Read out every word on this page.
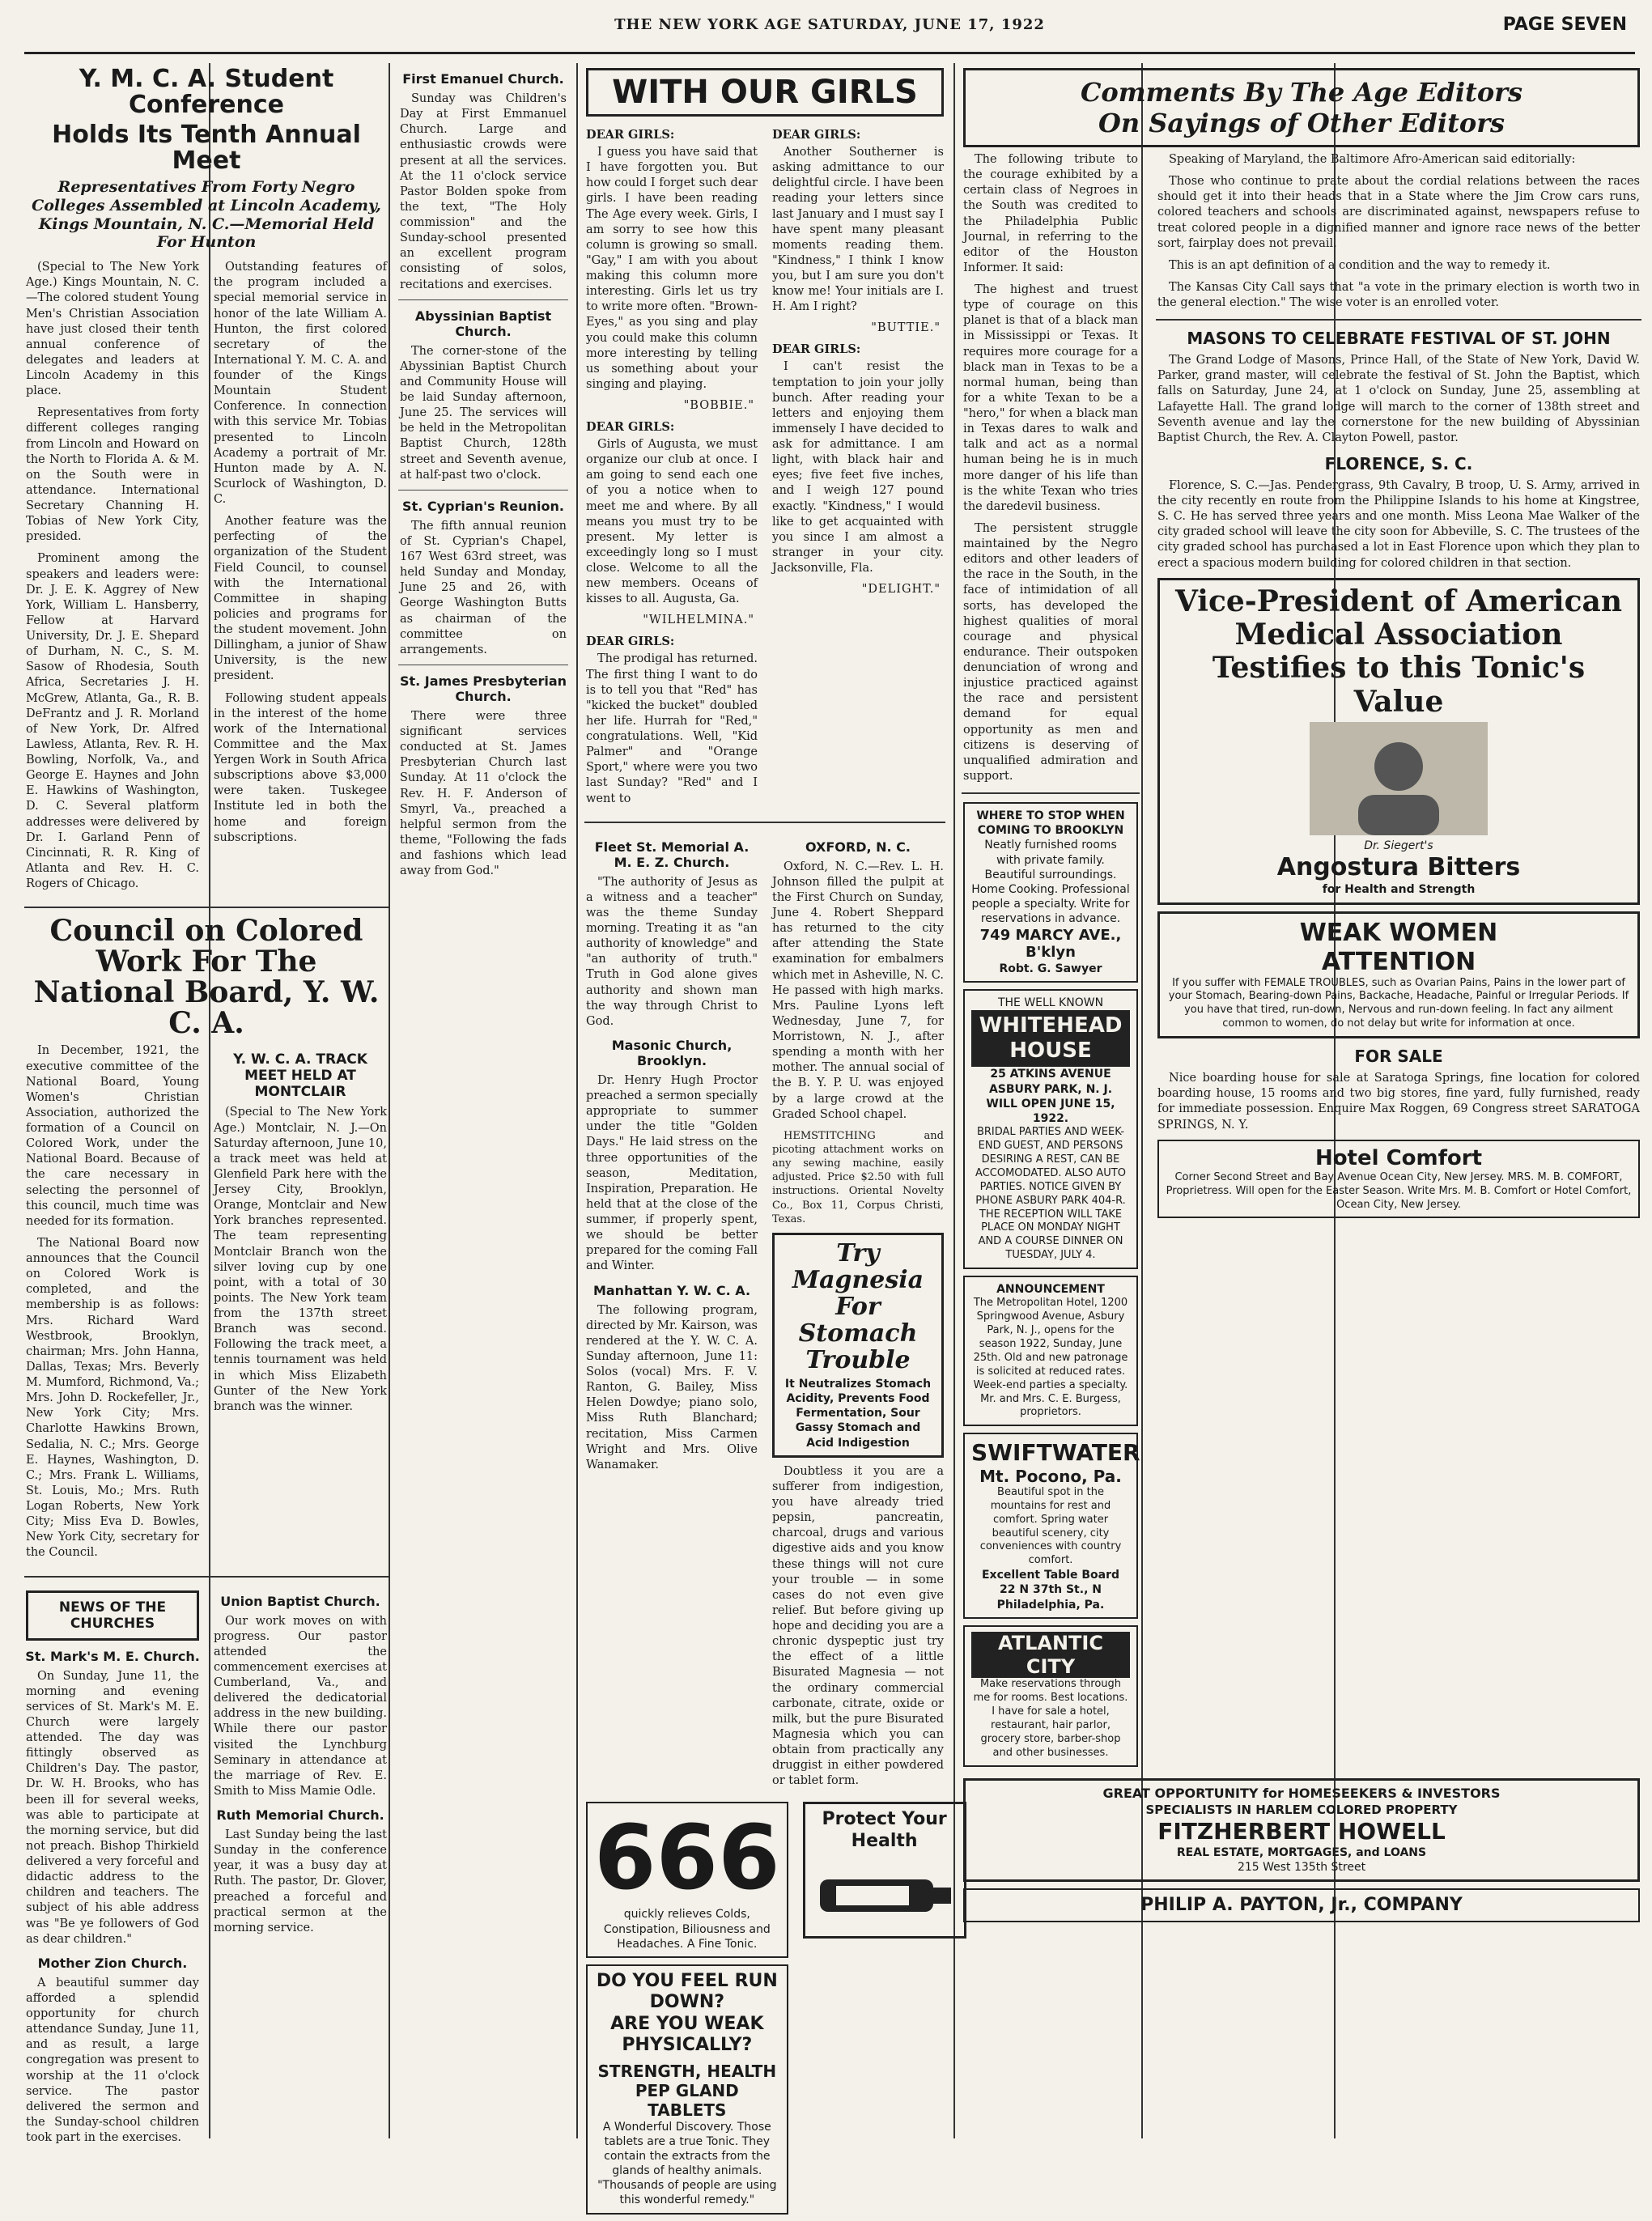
THE NEW YORK AGE SATURDAY, JUNE 17, 1922	PAGE SEVEN
Y. M. C. A. Student Conference
Holds Its Tenth Annual Meet
Representatives From Forty Negro Colleges Assembled at Lincoln Academy, Kings Mountain, N. C.—Memorial Held For Hunton
(Special to The New York Age.) Kings Mountain, N. C.—The colored student Young Men's Christian Association have just closed their tenth annual conference of delegates and leaders at Lincoln Academy in this place.
Representatives from forty different colleges ranging from Lincoln and Howard on the North to Florida A. & M. on the South were in attendance. International Secretary Channing H. Tobias of New York City, presided.
Prominent among the speakers and leaders were: Dr. J. E. K. Aggrey of New York, William L. Hansberry, Fellow at Harvard University, Dr. J. E. Shepard of Durham, N. C., S. M. Sasow of Rhodesia, South Africa, Secretaries J. H. McGrew, Atlanta, Ga., R. B. DeFrantz and J. R. Morland of New York, Dr. Alfred Lawless, Atlanta, Rev. R. H. Bowling, Norfolk, Va., and George E. Haynes and John E. Hawkins of Washington, D. C. Several platform addresses were delivered by Dr. I. Garland Penn of Cincinnati, R. R. King of Atlanta and Rev. H. C. Rogers of Chicago.
Outstanding features of the program included a special memorial service in honor of the late William A. Hunton, the first colored secretary of the International Y. M. C. A. and founder of the Kings Mountain Student Conference. In connection with this service Mr. Tobias presented to Lincoln Academy a portrait of Mr. Hunton made by A. N. Scurlock of Washington, D. C.
Another feature was the perfecting of the organization of the Student Field Council, to counsel with the International Committee in shaping policies and programs for the student movement. John Dillingham, a junior of Shaw University, is the new president.
Following student appeals in the interest of the home work of the International Committee and the Max Yergen Work in South Africa subscriptions above $3,000 were taken. Tuskegee Institute led in both the home and foreign subscriptions.
Council on Colored Work For The National Board, Y. W. C. A.
In December, 1921, the executive committee of the National Board, Young Women's Christian Association, authorized the formation of a Council on Colored Work, under the National Board. Because of the care necessary in selecting the personnel of this council, much time was needed for its formation.
The National Board now announces that the Council on Colored Work is completed, and the membership is as follows: Mrs. Richard Ward Westbrook, Brooklyn, chairman; Mrs. John Hanna, Dallas, Texas; Mrs. Beverly M. Mumford, Richmond, Va.; Mrs. John D. Rockefeller, Jr., New York City; Mrs. Charlotte Hawkins Brown, Sedalia, N. C.; Mrs. George E. Haynes, Washington, D. C.; Mrs. Frank L. Williams, St. Louis, Mo.; Mrs. Ruth Logan Roberts, New York City; Miss Eva D. Bowles, New York City, secretary for the Council.
Y. W. C. A. TRACK MEET HELD AT MONTCLAIR
(Special to The New York Age.) Montclair, N. J.—On Saturday afternoon, June 10, a track meet was held at Glenfield Park here with the Jersey City, Brooklyn, Orange, Montclair and New York branches represented. The team representing Montclair Branch won the silver loving cup by one point, with a total of 30 points. The New York team from the 137th street Branch was second. Following the track meet, a tennis tournament was held in which Miss Elizabeth Gunter of the New York branch was the winner.
NEWS OF THE CHURCHES
St. Mark's M. E. Church.
On Sunday, June 11, the morning and evening services of St. Mark's M. E. Church were largely attended. The day was fittingly observed as Children's Day. The pastor, Dr. W. H. Brooks, who has been ill for several weeks, was able to participate at the morning service, but did not preach. Bishop Thirkield delivered a very forceful and didactic address to the children and teachers. The subject of his able address was "Be ye followers of God as dear children."
Mother Zion Church.
A beautiful summer day afforded a splendid opportunity for church attendance Sunday, June 11, and as result, a large congregation was present to worship at the 11 o'clock service. The pastor delivered the sermon and the Sunday-school children took part in the exercises.
Union Baptist Church.
Our work moves on with progress. Our pastor attended the commencement exercises at Cumberland, Va., and delivered the dedicatorial address in the new building. While there our pastor visited the Lynchburg Seminary in attendance at the marriage of Rev. E. Smith to Miss Mamie Odle.
Ruth Memorial Church.
Last Sunday being the last Sunday in the conference year, it was a busy day at Ruth. The pastor, Dr. Glover, preached a forceful and practical sermon at the morning service.
First Emanuel Church.
Sunday was Children's Day at First Emmanuel Church. Large and enthusiastic crowds were present at all the services. At the 11 o'clock service Pastor Bolden spoke from the text, "The Holy commission" and the Sunday-school presented an excellent program consisting of solos, recitations and exercises.
Abyssinian Baptist Church.
The corner-stone of the Abyssinian Baptist Church and Community House will be laid Sunday afternoon, June 25. The services will be held in the Metropolitan Baptist Church, 128th street and Seventh avenue, at half-past two o'clock.
St. Cyprian's Reunion.
The fifth annual reunion of St. Cyprian's Chapel, 167 West 63rd street, was held Sunday and Monday, June 25 and 26, with George Washington Butts as chairman of the committee on arrangements.
St. James Presbyterian Church.
There were three significant services conducted at St. James Presbyterian Church last Sunday. At 11 o'clock the Rev. H. F. Anderson of Smyrl, Va., preached a helpful sermon from the theme, "Following the fads and fashions which lead away from God."
WITH OUR GIRLS
DEAR GIRLS:
I guess you have said that I have forgotten you. But how could I forget such dear girls. I have been reading The Age every week. Girls, I am sorry to see how this column is growing so small. "Gay," I am with you about making this column more interesting. Girls let us try to write more often. "Brown-Eyes," as you sing and play you could make this column more interesting by telling us something about your singing and playing.
"BOBBIE."
DEAR GIRLS:
Girls of Augusta, we must organize our club at once. I am going to send each one of you a notice when to meet me and where. By all means you must try to be present. My letter is exceedingly long so I must close. Welcome to all the new members. Oceans of kisses to all. Augusta, Ga.
"WILHELMINA."
DEAR GIRLS:
The prodigal has returned. The first thing I want to do is to tell you that "Red" has "kicked the bucket" doubled her life. Hurrah for "Red," congratulations. Well, "Kid Palmer" and "Orange Sport," where were you two last Sunday? "Red" and I went to
DEAR GIRLS:
Another Southerner is asking admittance to our delightful circle. I have been reading your letters since last January and I must say I have spent many pleasant moments reading them. "Kindness," I think I know you, but I am sure you don't know me! Your initials are I. H. Am I right?
"BUTTIE."
DEAR GIRLS:
I can't resist the temptation to join your jolly bunch. After reading your letters and enjoying them immensely I have decided to ask for admittance. I am light, with black hair and eyes; five feet five inches, and I weigh 127 pound exactly. "Kindness," I would like to get acquainted with you since I am almost a stranger in your city. Jacksonville, Fla.
"DELIGHT."
Fleet St. Memorial A. M. E. Z. Church.
"The authority of Jesus as a witness and a teacher" was the theme Sunday morning. Treating it as "an authority of knowledge" and "an authority of truth." Truth in God alone gives authority and shown man the way through Christ to God.
Masonic Church, Brooklyn.
Dr. Henry Hugh Proctor preached a sermon specially appropriate to summer under the title "Golden Days." He laid stress on the three opportunities of the season, Meditation, Inspiration, Preparation. He held that at the close of the summer, if properly spent, we should be better prepared for the coming Fall and Winter.
Manhattan Y. W. C. A.
The following program, directed by Mr. Kairson, was rendered at the Y. W. C. A. Sunday afternoon, June 11: Solos (vocal) Mrs. F. V. Ranton, G. Bailey, Miss Helen Dowdye; piano solo, Miss Ruth Blanchard; recitation, Miss Carmen Wright and Mrs. Olive Wanamaker.
OXFORD, N. C.
Oxford, N. C.—Rev. L. H. Johnson filled the pulpit at the First Church on Sunday, June 4. Robert Sheppard has returned to the city after attending the State examination for embalmers which met in Asheville, N. C. He passed with high marks. Mrs. Pauline Lyons left Wednesday, June 7, for Morristown, N. J., after spending a month with her mother. The annual social of the B. Y. P. U. was enjoyed by a large crowd at the Graded School chapel.
HEMSTITCHING and picoting attachment works on any sewing machine, easily adjusted. Price $2.50 with full instructions. Oriental Novelty Co., Box 11, Corpus Christi, Texas.
Try Magnesia For Stomach Trouble
It Neutralizes Stomach Acidity, Prevents Food Fermentation, Sour Gassy Stomach and Acid Indigestion
Doubtless it you are a sufferer from indigestion, you have already tried pepsin, pancreatin, charcoal, drugs and various digestive aids and you know these things will not cure your trouble — in some cases do not even give relief. But before giving up hope and deciding you are a chronic dyspeptic just try the effect of a little Bisurated Magnesia — not the ordinary commercial carbonate, citrate, oxide or milk, but the pure Bisurated Magnesia which you can obtain from practically any druggist in either powdered or tablet form.
666
quickly relieves Colds, Constipation, Biliousness and Headaches. A Fine Tonic.
DO YOU FEEL RUN DOWN?
ARE YOU WEAK PHYSICALLY?
STRENGTH, HEALTH
PEP GLAND TABLETS
A Wonderful Discovery. Those tablets are a true Tonic. They contain the extracts from the glands of healthy animals. "Thousands of people are using this wonderful remedy."
Protect Your Health
Comments By The Age Editors
On Sayings of Other Editors
The following tribute to the courage exhibited by a certain class of Negroes in the South was credited to the Philadelphia Public Journal, in referring to the editor of the Houston Informer. It said:
The highest and truest type of courage on this planet is that of a black man in Mississippi or Texas. It requires more courage for a black man in Texas to be a normal human, being than for a white Texan to be a "hero," for when a black man in Texas dares to walk and talk and act as a normal human being he is in much more danger of his life than is the white Texan who tries the daredevil business.
The persistent struggle maintained by the Negro editors and other leaders of the race in the South, in the face of intimidation of all sorts, has developed the highest qualities of moral courage and physical endurance. Their outspoken denunciation of wrong and injustice practiced against the race and persistent demand for equal opportunity as men and citizens is deserving of unqualified admiration and support.
WHERE TO STOP WHEN COMING TO BROOKLYN
Neatly furnished rooms with private family. Beautiful surroundings. Home Cooking. Professional people a specialty. Write for reservations in advance.
749 MARCY AVE., B'klyn
Robt. G. Sawyer
THE WELL KNOWN
WHITEHEAD HOUSE
25 ATKINS AVENUE
ASBURY PARK, N. J.
WILL OPEN JUNE 15, 1922.
BRIDAL PARTIES AND WEEK-END GUEST, AND PERSONS DESIRING A REST, CAN BE ACCOMODATED. ALSO AUTO PARTIES. NOTICE GIVEN BY PHONE ASBURY PARK 404-R. THE RECEPTION WILL TAKE PLACE ON MONDAY NIGHT AND A COURSE DINNER ON TUESDAY, JULY 4.
ANNOUNCEMENT
The Metropolitan Hotel, 1200 Springwood Avenue, Asbury Park, N. J., opens for the season 1922, Sunday, June 25th. Old and new patronage is solicited at reduced rates. Week-end parties a specialty. Mr. and Mrs. C. E. Burgess, proprietors.
SWIFTWATER
Mt. Pocono, Pa.
Beautiful spot in the mountains for rest and comfort. Spring water beautiful scenery, city conveniences with country comfort.
Excellent Table Board
22 N 37th St., N Philadelphia, Pa.
ATLANTIC CITY
Make reservations through me for rooms. Best locations. I have for sale a hotel, restaurant, hair parlor, grocery store, barber-shop and other businesses.
Speaking of Maryland, the Baltimore Afro-American said editorially:
Those who continue to prate about the cordial relations between the races should get it into their heads that in a State where the Jim Crow cars runs, colored teachers and schools are discriminated against, newspapers refuse to treat colored people in a dignified manner and ignore race news of the better sort, fairplay does not prevail.
This is an apt definition of a condition and the way to remedy it.
The Kansas City Call says that "a vote in the primary election is worth two in the general election." The wise voter is an enrolled voter.
MASONS TO CELEBRATE FESTIVAL OF ST. JOHN
The Grand Lodge of Masons, Prince Hall, of the State of New York, David W. Parker, grand master, will celebrate the festival of St. John the Baptist, which falls on Saturday, June 24, at 1 o'clock on Sunday, June 25, assembling at Lafayette Hall. The grand lodge will march to the corner of 138th street and Seventh avenue and lay the cornerstone for the new building of Abyssinian Baptist Church, the Rev. A. Clayton Powell, pastor.
FLORENCE, S. C.
Florence, S. C.—Jas. Pendergrass, 9th Cavalry, B troop, U. S. Army, arrived in the city recently en route from the Philippine Islands to his home at Kingstree, S. C. He has served three years and one month. Miss Leona Mae Walker of the city graded school will leave the city soon for Abbeville, S. C. The trustees of the city graded school has purchased a lot in East Florence upon which they plan to erect a spacious modern building for colored children in that section.
Vice-President of American Medical Association Testifies to this Tonic's Value
Dr. Siegert's
Angostura Bitters
for Health and Strength
WEAK WOMEN
ATTENTION
If you suffer with FEMALE TROUBLES, such as Ovarian Pains, Pains in the lower part of your Stomach, Bearing-down Pains, Backache, Headache, Painful or Irregular Periods. If you have that tired, run-down, Nervous and run-down feeling. In fact any ailment common to women, do not delay but write for information at once.
FOR SALE
Nice boarding house for sale at Saratoga Springs, fine location for colored boarding house, 15 rooms and two big stores, fine yard, fully furnished, ready for immediate possession. Enquire Max Roggen, 69 Congress street SARATOGA SPRINGS, N. Y.
Hotel Comfort
Corner Second Street and Bay Avenue Ocean City, New Jersey. MRS. M. B. COMFORT, Proprietress. Will open for the Easter Season. Write Mrs. M. B. Comfort or Hotel Comfort, Ocean City, New Jersey.
GREAT OPPORTUNITY for HOMESEEKERS & INVESTORS
SPECIALISTS IN HARLEM COLORED PROPERTY
FITZHERBERT HOWELL
REAL ESTATE, MORTGAGES, and LOANS
215 West 135th Street
PHILIP A. PAYTON, Jr., COMPANY
